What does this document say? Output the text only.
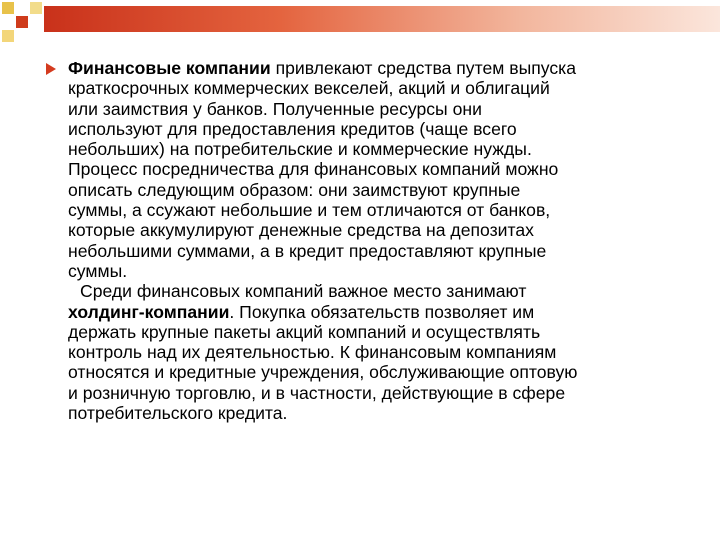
Финансовые компании привлекают средства путем выпуска
краткосрочных коммерческих векселей, акций и облигаций
или заимствия у банков. Полученные ресурсы они
используют для предоставления кредитов (чаще всего
небольших) на потребительские и коммерческие нужды.
Процесс посредничества для финансовых компаний можно
описать следующим образом: они заимствуют крупные
суммы, а ссужают небольшие и тем отличаются от банков,
которые аккумулируют денежные средства на депозитах
небольшими суммами, а в кредит предоставляют крупные
суммы.
Среди финансовых компаний важное место занимают
холдинг-компании. Покупка обязательств позволяет им
держать крупные пакеты акций компаний и осуществлять
контроль над их деятельностью. К финансовым компаниям
относятся и кредитные учреждения, обслуживающие оптовую
и розничную торговлю, и в частности, действующие в сфере
потребительского кредита.
